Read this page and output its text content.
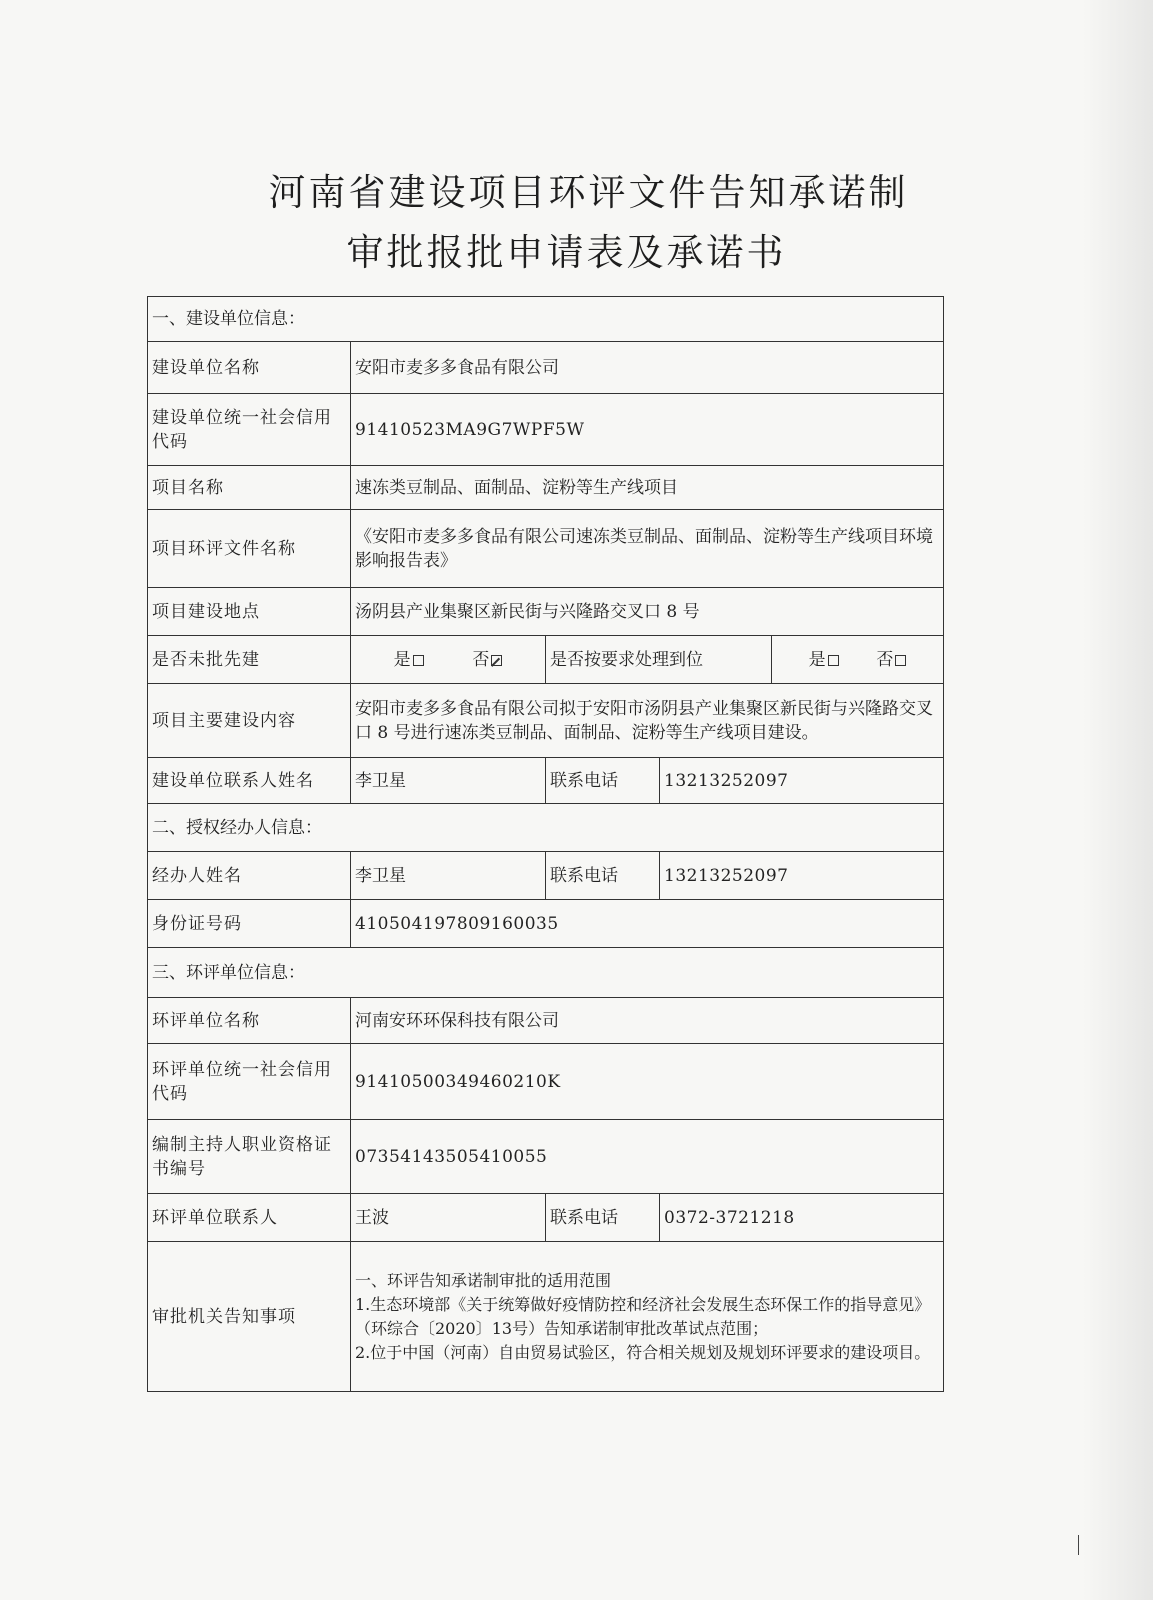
河南省建设项目环评文件告知承诺制
审批报批申请表及承诺书
一、建设单位信息：				
建设单位名称	安阳市麦多多食品有限公司			
建设单位统一社会信用代码	91410523MA9G7WPF5W			
项目名称	速冻类豆制品、面制品、淀粉等生产线项目			
项目环评文件名称	《安阳市麦多多食品有限公司速冻类豆制品、面制品、淀粉等生产线项目环境影响报告表》			
项目建设地点	汤阴县产业集聚区新民街与兴隆路交叉口 8 号			
是否未批先建	是 否	是否按要求处理到位		是 否
项目主要建设内容	安阳市麦多多食品有限公司拟于安阳市汤阴县产业集聚区新民街与兴隆路交叉口 8 号进行速冻类豆制品、面制品、淀粉等生产线项目建设。			
建设单位联系人姓名	李卫星	联系电话	13213252097	
二、授权经办人信息：				
经办人姓名	李卫星	联系电话	13213252097	
身份证号码	410504197809160035			
三、环评单位信息：				
环评单位名称	河南安环环保科技有限公司			
环评单位统一社会信用代码	91410500349460210K			
编制主持人职业资格证书编号	07354143505410055			
环评单位联系人	王波	联系电话	0372-3721218	
审批机关告知事项	一、环评告知承诺制审批的适用范围
1.生态环境部《关于统筹做好疫情防控和经济社会发展生态环保工作的指导意见》（环综合〔2020〕13号）告知承诺制审批改革试点范围；
2.位于中国（河南）自由贸易试验区，符合相关规划及规划环评要求的建设项目。			
